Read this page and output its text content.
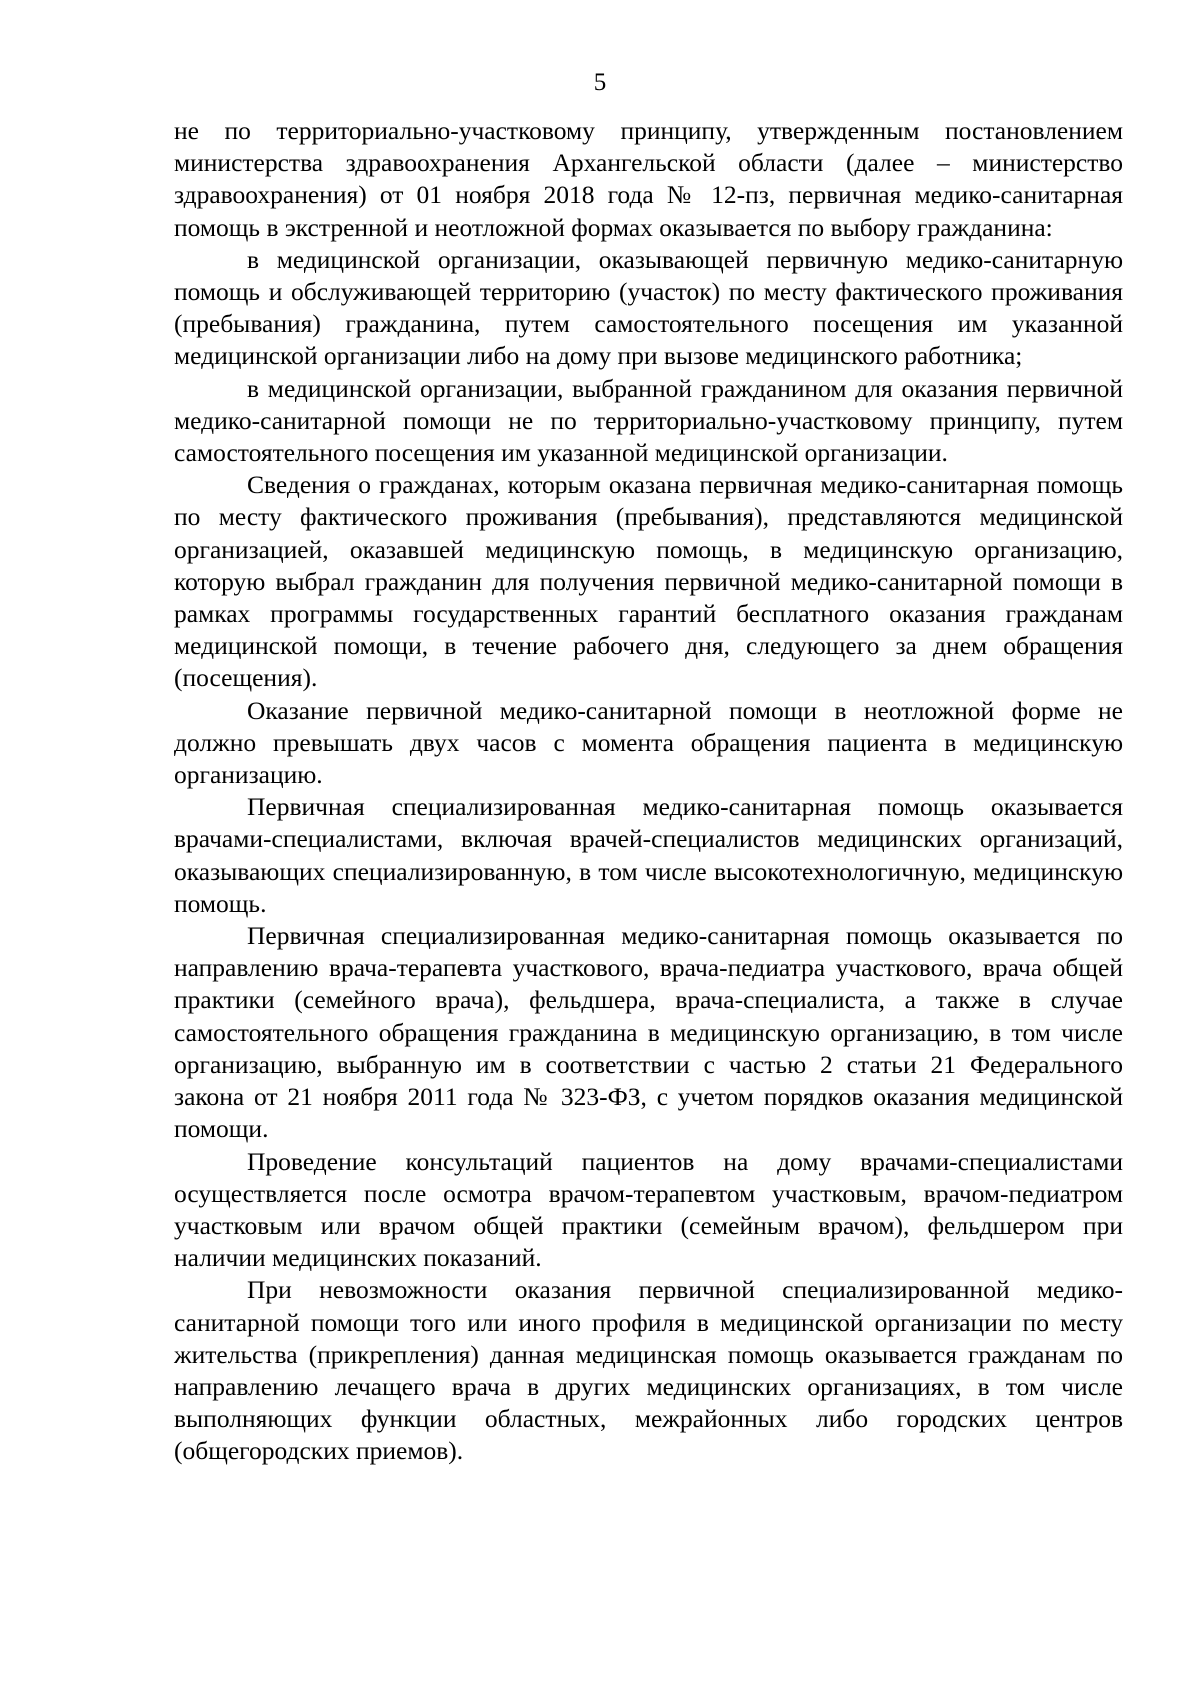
5

не по территориально-участковому принципу, утвержденным постановлением министерства здравоохранения Архангельской области (далее – министерство здравоохранения) от 01 ноября 2018 года № 12-пз, первичная медико-санитарная помощь в экстренной и неотложной формах оказывается по выбору гражданина:

в медицинской организации, оказывающей первичную медико-санитарную помощь и обслуживающей территорию (участок) по месту фактического проживания (пребывания) гражданина, путем самостоятельного посещения им указанной медицинской организации либо на дому при вызове медицинского работника;

в медицинской организации, выбранной гражданином для оказания первичной медико-санитарной помощи не по территориально-участковому принципу, путем самостоятельного посещения им указанной медицинской организации.

Сведения о гражданах, которым оказана первичная медико-санитарная помощь по месту фактического проживания (пребывания), представляются медицинской организацией, оказавшей медицинскую помощь, в медицинскую организацию, которую выбрал гражданин для получения первичной медико-санитарной помощи в рамках программы государственных гарантий бесплатного оказания гражданам медицинской помощи, в течение рабочего дня, следующего за днем обращения (посещения).

Оказание первичной медико-санитарной помощи в неотложной форме не должно превышать двух часов с момента обращения пациента в медицинскую организацию.

Первичная специализированная медико-санитарная помощь оказывается врачами-специалистами, включая врачей-специалистов медицинских организаций, оказывающих специализированную, в том числе высокотехнологичную, медицинскую помощь.

Первичная специализированная медико-санитарная помощь оказывается по направлению врача-терапевта участкового, врача-педиатра участкового, врача общей практики (семейного врача), фельдшера, врача-специалиста, а также в случае самостоятельного обращения гражданина в медицинскую организацию, в том числе организацию, выбранную им в соответствии с частью 2 статьи 21 Федерального закона от 21 ноября 2011 года № 323-ФЗ, с учетом порядков оказания медицинской помощи.

Проведение консультаций пациентов на дому врачами-специалистами осуществляется после осмотра врачом-терапевтом участковым, врачом-педиатром участковым или врачом общей практики (семейным врачом), фельдшером при наличии медицинских показаний.

При невозможности оказания первичной специализированной медико-санитарной помощи того или иного профиля в медицинской организации по месту жительства (прикрепления) данная медицинская помощь оказывается гражданам по направлению лечащего врача в других медицинских организациях, в том числе выполняющих функции областных, межрайонных либо городских центров (общегородских приемов).
